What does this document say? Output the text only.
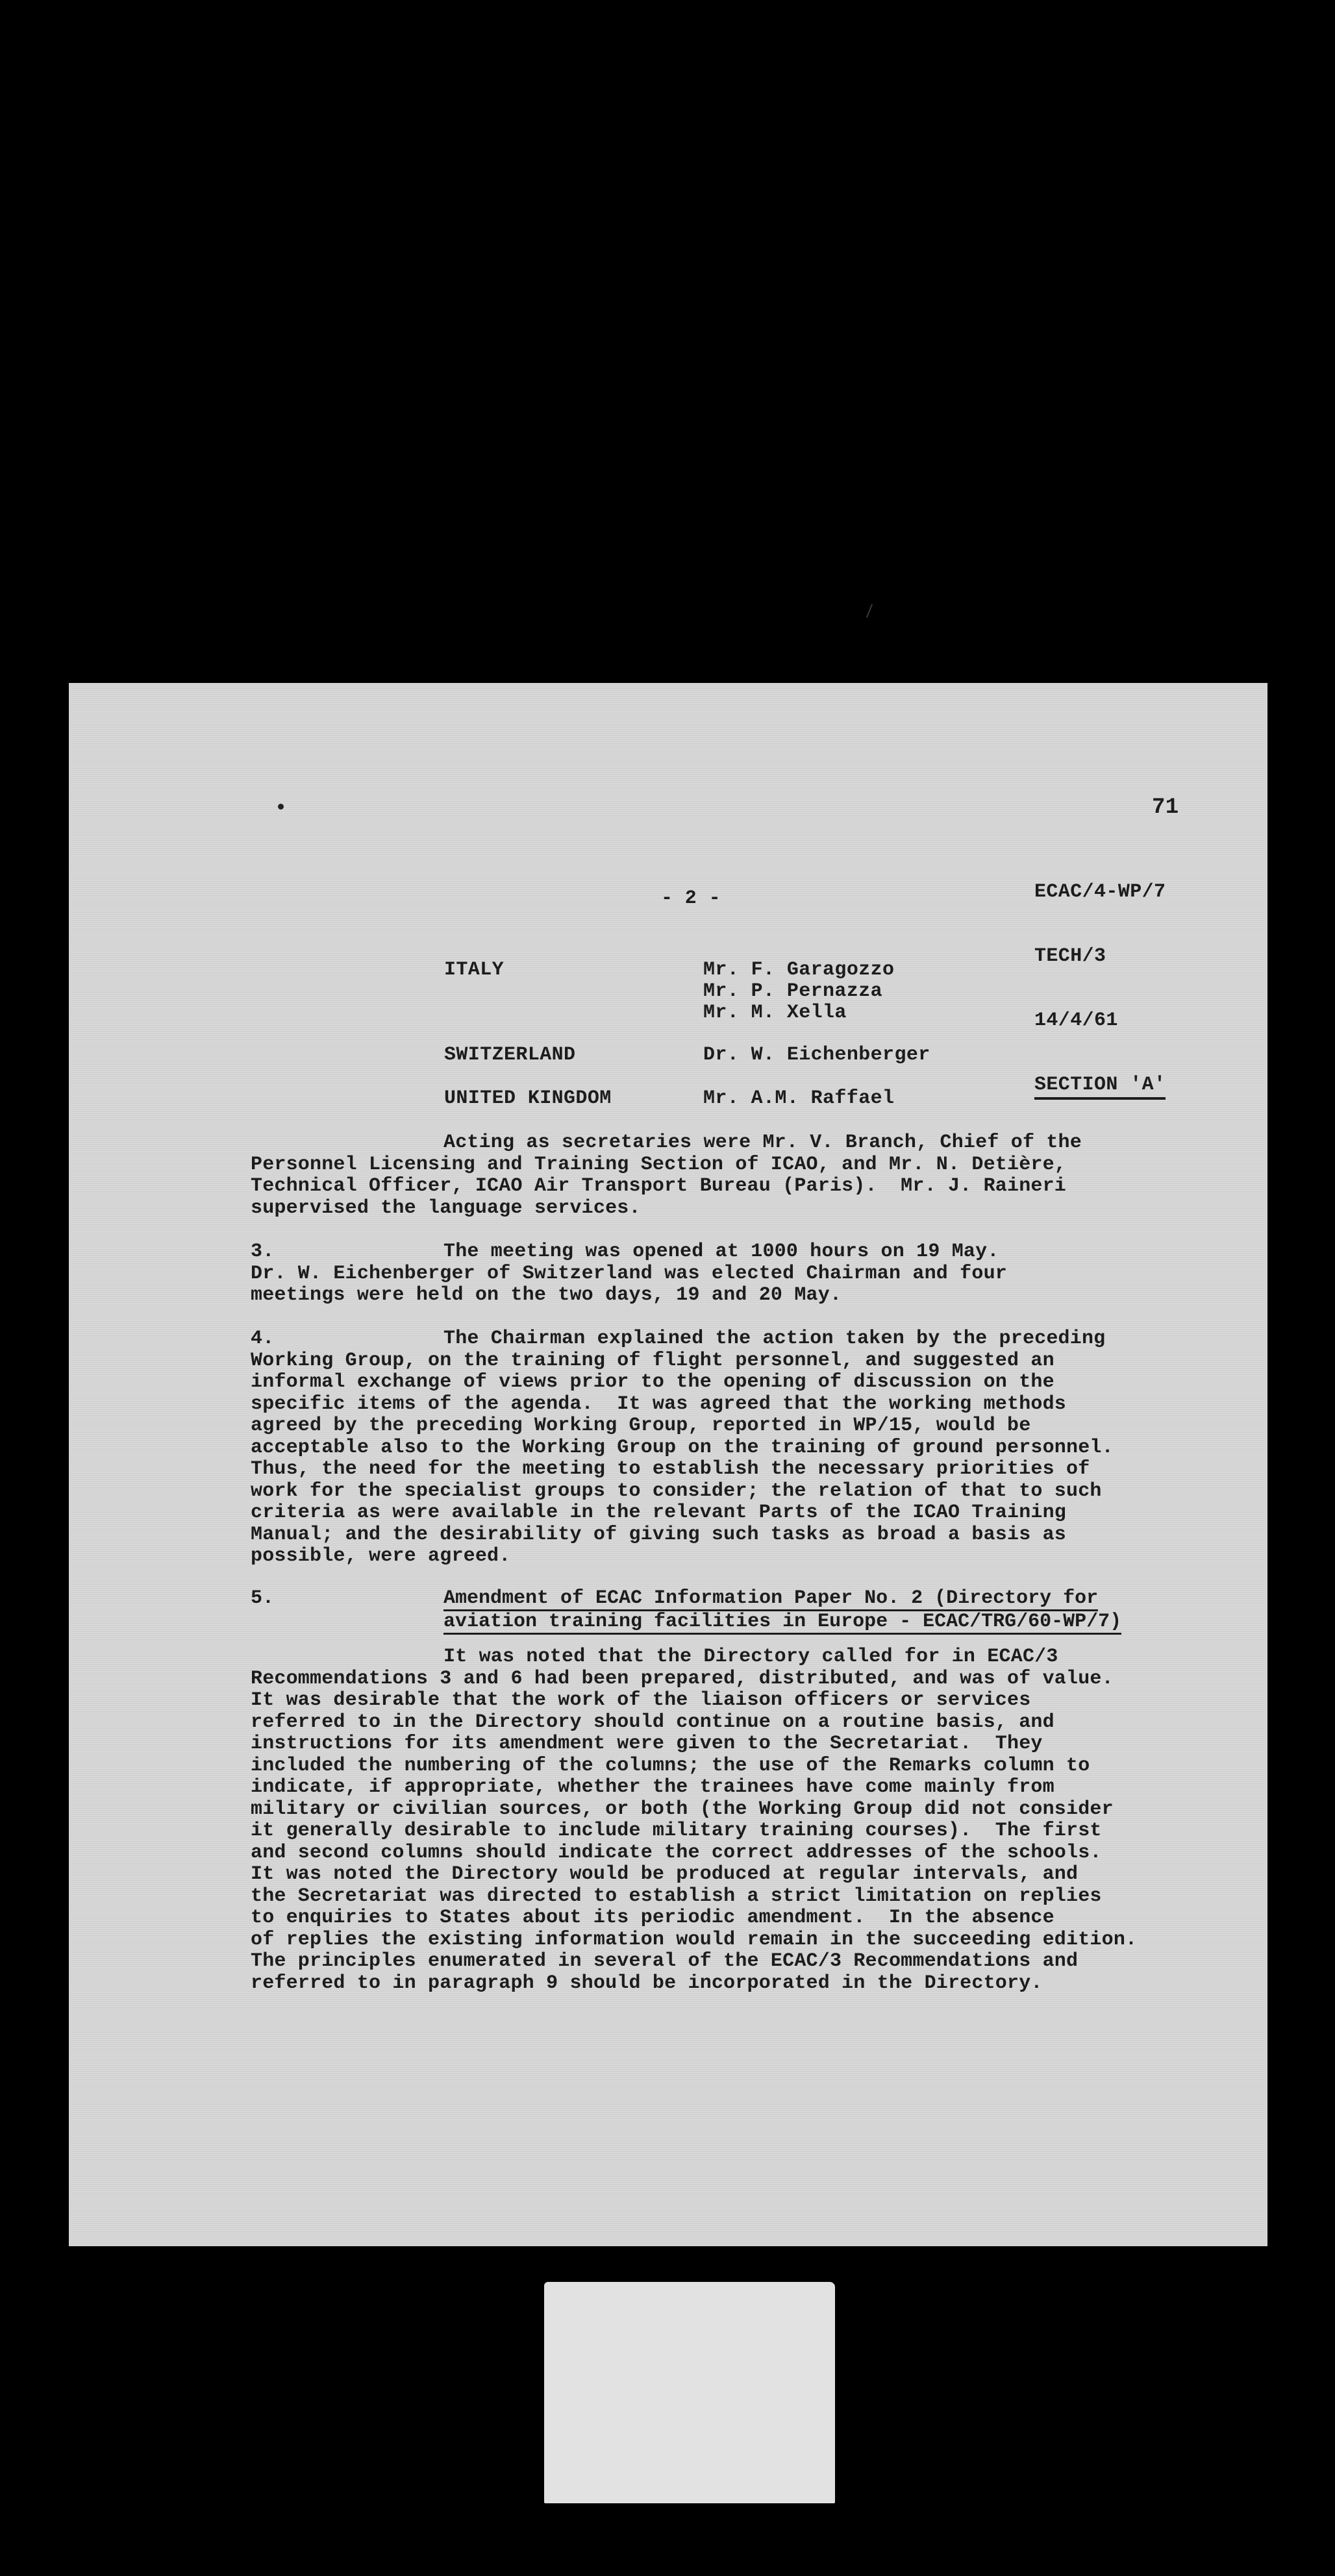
71

ECAC/4-WP/7

TECH/3

14/4/61

SECTION 'A'

- 2 -
ITALY	Mr. F. Garagozzo
Mr. P. Pernazza
Mr. M. Xella
SWITZERLAND	Dr. W. Eichenberger
UNITED KINGDOM	Mr. A.M. Raffael
Acting as secretaries were Mr. V. Branch, Chief of the
Personnel Licensing and Training Section of ICAO, and Mr. N. Detière,
Technical Officer, ICAO Air Transport Bureau (Paris).  Mr. J. Raineri
supervised the language services.
3.	The meeting was opened at 1000 hours on 19 May.
Dr. W. Eichenberger of Switzerland was elected Chairman and four
meetings were held on the two days, 19 and 20 May.
4.	The Chairman explained the action taken by the preceding
Working Group, on the training of flight personnel, and suggested an
informal exchange of views prior to the opening of discussion on the
specific items of the agenda.  It was agreed that the working methods
agreed by the preceding Working Group, reported in WP/15, would be
acceptable also to the Working Group on the training of ground personnel.
Thus, the need for the meeting to establish the necessary priorities of
work for the specialist groups to consider; the relation of that to such
criteria as were available in the relevant Parts of the ICAO Training
Manual; and the desirability of giving such tasks as broad a basis as
possible, were agreed.
5.	Amendment of ECAC Information Paper No. 2 (Directory for
aviation training facilities in Europe - ECAC/TRG/60-WP/7)
It was noted that the Directory called for in ECAC/3
Recommendations 3 and 6 had been prepared, distributed, and was of value.
It was desirable that the work of the liaison officers or services
referred to in the Directory should continue on a routine basis, and
instructions for its amendment were given to the Secretariat.  They
included the numbering of the columns; the use of the Remarks column to
indicate, if appropriate, whether the trainees have come mainly from
military or civilian sources, or both (the Working Group did not consider
it generally desirable to include military training courses).  The first
and second columns should indicate the correct addresses of the schools.
It was noted the Directory would be produced at regular intervals, and
the Secretariat was directed to establish a strict limitation on replies
to enquiries to States about its periodic amendment.  In the absence
of replies the existing information would remain in the succeeding edition.
The principles enumerated in several of the ECAC/3 Recommendations and
referred to in paragraph 9 should be incorporated in the Directory.
